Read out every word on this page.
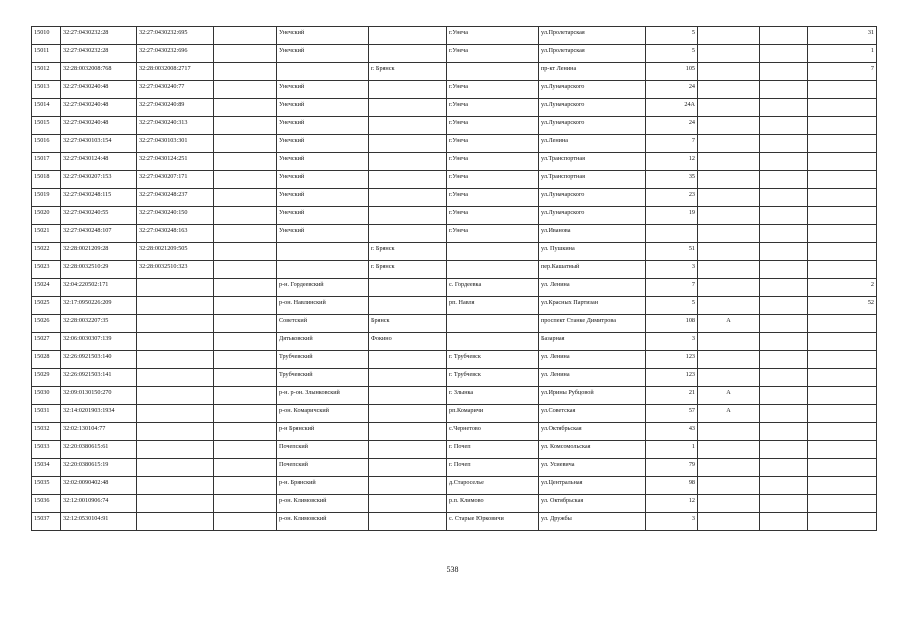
15010	32:27:0430232:28	32:27:0430232:695		Унечский		г.Унеча	ул.Пролетарская	5			31
15011	32:27:0430232:28	32:27:0430232:696		Унечский		г.Унеча	ул.Пролетарская	5			1
15012	32:28:0032008:768	32:28:0032008:2717			г. Брянск		пр-кт Ленина	105			7
15013	32:27:0430240:48	32:27:0430240:77		Унечский		г.Унеча	ул.Луначарского	24			
15014	32:27:0430240:48	32:27:0430240:89		Унечский		г.Унеча	ул.Луначарского	24А			
15015	32:27:0430240:48	32:27:0430240:313		Унечский		г.Унеча	ул.Луначарского	24			
15016	32:27:0430103:154	32:27:0430103:301		Унечский		г.Унеча	ул.Ленина	7			
15017	32:27:0430124:48	32:27:0430124:251		Унечский		г.Унеча	ул.Транспортная	12			
15018	32:27:0430207:153	32:27:0430207:171		Унечский		г.Унеча	ул.Транспортная	35			
15019	32:27:0430248:115	32:27:0430248:237		Унечский		г.Унеча	ул.Луначарского	23			
15020	32:27:0430240:55	32:27:0430240:150		Унечский		г.Унеча	ул.Луначарского	19			
15021	32:27:0430248:107	32:27:0430248:163		Унечский		г.Унеча	ул.Иванова				
15022	32:28:0021209:28	32:28:0021209:505			г. Брянск		ул. Пушкина	51			
15023	32:28:0032510:29	32:28:0032510:323			г. Брянск		пер.Кашатный	3			
15024	32:04:220502:171			р-н. Гордеевский		с. Гордеевка	ул. Ленина	7			2
15025	32:17:0950226:209			р-он. Навлинский		рп. Навля	ул.Красных Партизан	5			52
15026	32:28:0032207:35			Советский	Брянск		проспект Станке Димитрова	108	А		
15027	32:06:0030307:139			Дятьковский	Фокино		Базарная	3			
15028	32:26:0921503:140			Трубчевский		г. Трубчевск	ул. Ленина	123			
15029	32:26:0921503:141			Трубчевский		г. Трубчевск	ул. Ленина	123			
15030	32:09:0130150:270			р-н. р-он. Злынковский		г. Злынка	ул.Ирины Рубцовой	21	А		
15031	32:14:0201903:1934			р-он. Комаричский		рп.Комаричи	ул.Советская	57	А		
15032	32:02:130104:77			р-н Брянский		с.Чернетово	ул.Октябрьская	43			
15033	32:20:0380615:61			Почепский		г. Почеп	ул. Комсомольская	1			
15034	32:20:0380615:19			Почепский		г. Почеп	ул. Усиевича	79			
15035	32:02:0090402:48			р-н. Брянский		д.Староселье	ул.Центральная	98			
15036	32:12:0010906:74			р-он. Климовский		р.п. Климово	ул. Октябрьская	12			
15037	32:12:0530104:91			р-он. Климовский		с. Старые Юрковичи	ул. Дружбы	3			
538
